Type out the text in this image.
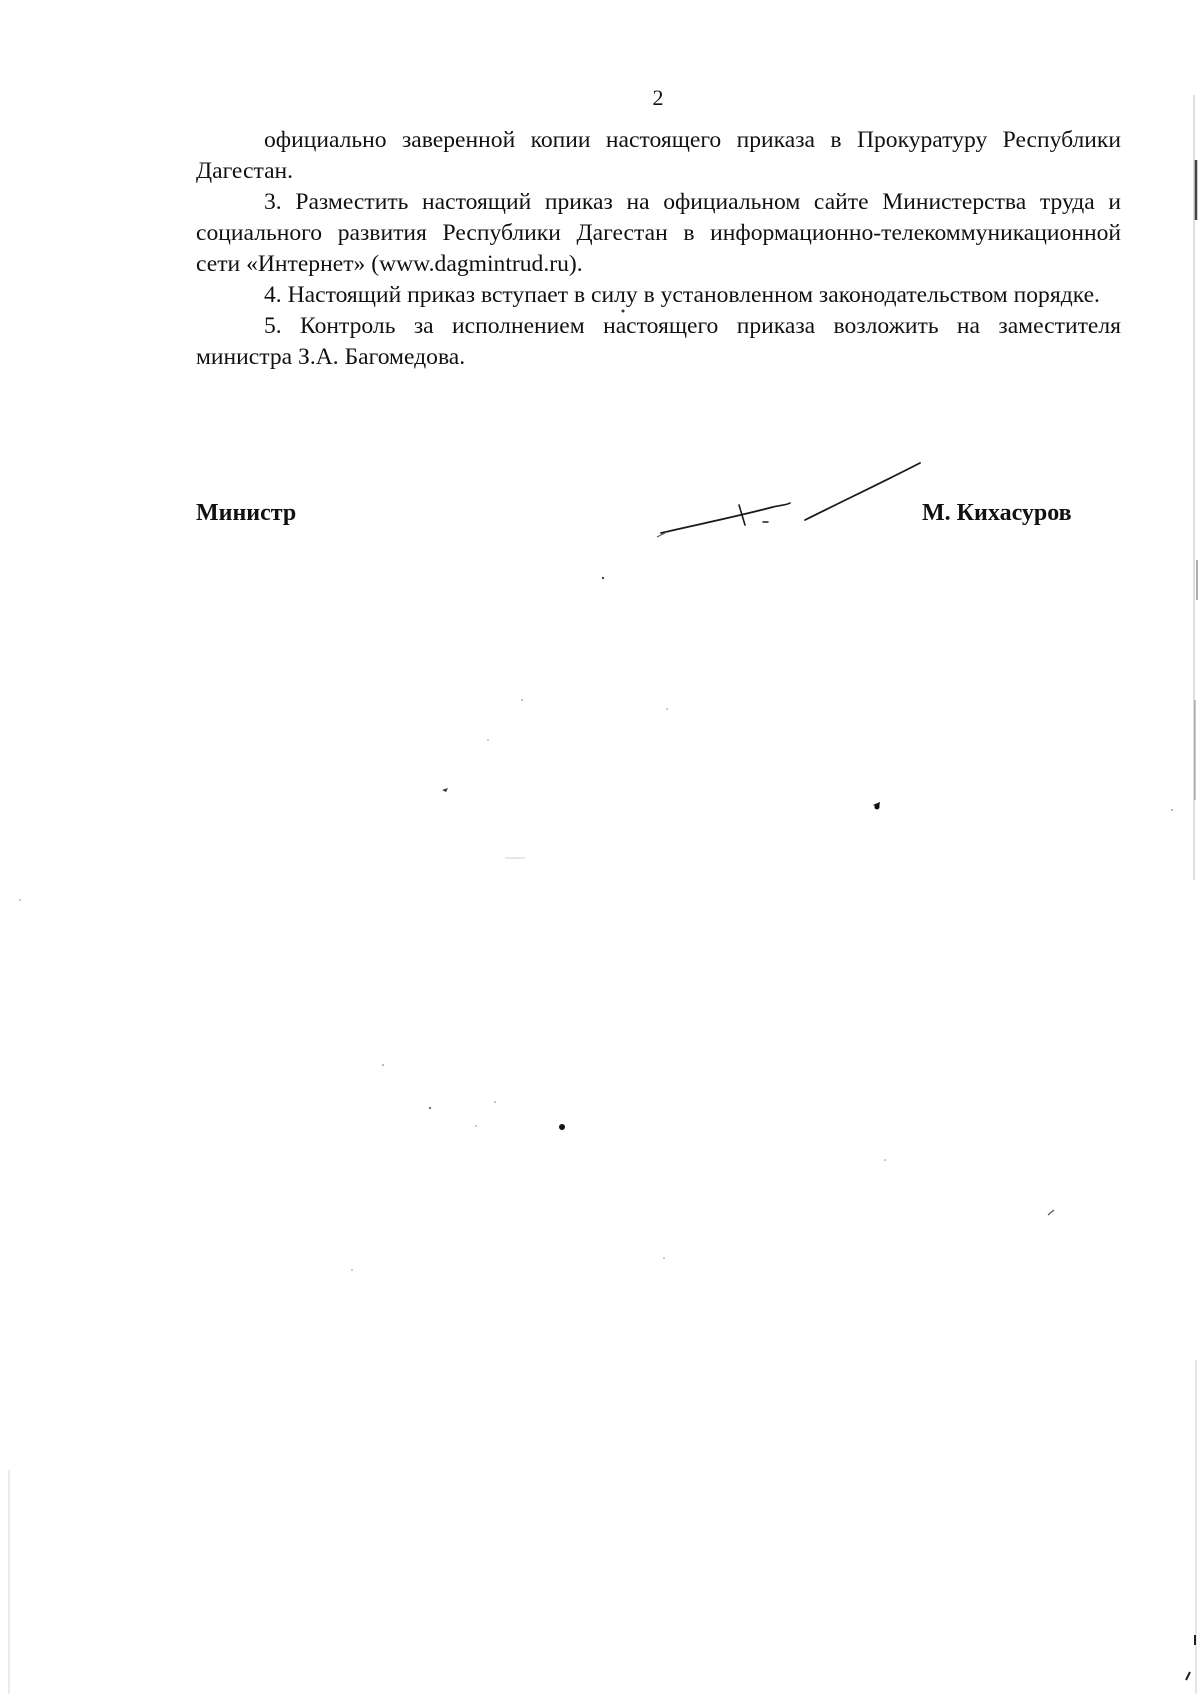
2

официально заверенной копии настоящего приказа в Прокуратуру Республики Дагестан.

3. Разместить настоящий приказ на официальном сайте Министерства труда и социального развития Республики Дагестан в информационно-телекоммуникационной сети «Интернет» (www.dagmintrud.ru).

4. Настоящий приказ вступает в силу в установленном законодательством порядке.

5. Контроль за исполнением настоящего приказа возложить на заместителя министра З.А. Багомедова.

Министр	М. Кихасуров
